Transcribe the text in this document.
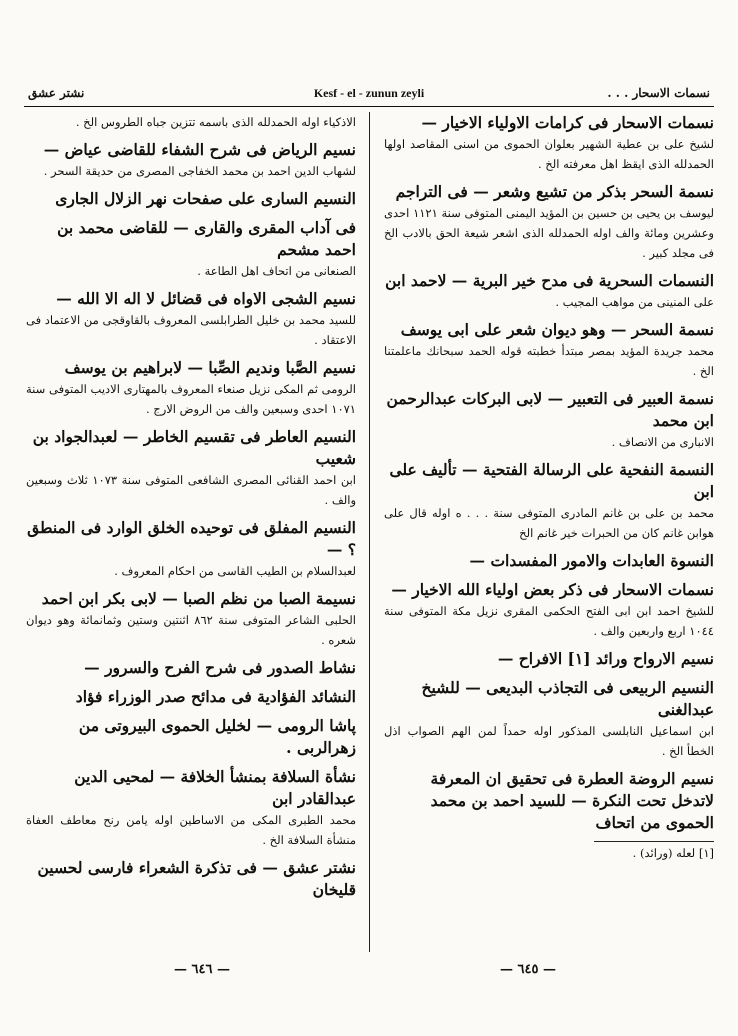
نشتر عشق	Kesf - el - zunun zeyli	نسمات الاسحار . . .

نسمات الاسحار فى كرامات الاولياء الاخيار —

لشيخ على بن عطية الشهير بعلوان الحموى من اسنى المقاصد اولها الحمدلله الذى ايقظ اهل معرفته الخ .

نسمة السحر بذكر من تشيع وشعر — فى التراجم

ليوسف بن يحيى بن حسين بن المؤيد اليمنى المتوفى سنة ١١٢١ احدى وعشرين ومائة والف اوله الحمدلله الذى اشعر شيعة الحق بالادب الخ فى مجلد كبير .

النسمات السحرية فى مدح خير البرية — لاحمد ابن

على المنينى من مواهب المجيب .

نسمة السحر — وهو ديوان شعر على ابى يوسف

محمد جريدة المؤيد بمصر مبتدأ خطبته قوله الحمد سبحانك ماعلمتنا الخ .

نسمة العبير فى التعبير — لابى البركات عبدالرحمن ابن محمد

الانبارى من الانصاف .

النسمة النفحية على الرسالة الفتحية — تأليف على ابن

محمد بن على بن غانم المادرى المتوفى سنة . . . ه اوله قال على هوابن غانم كان من الحبرات خير غانم الخ

النسوة العابدات والامور المفسدات —

نسمات الاسحار فى ذكر بعض اولياء الله الاخيار —

للشيخ احمد ابن ابى الفتح الحكمى المقرى نزيل مكة المتوفى سنة ١٠٤٤ اربع واربعين والف .

نسيم الارواح ورائد [١] الافراح —

النسيم الربيعى فى التجاذب البديعى — للشيخ عبدالغنى

ابن اسماعيل النابلسى المذكور اوله حمداً لمن الهم الصواب اذل الخطأ الخ .

نسيم الروضة العطرة فى تحقيق ان المعرفة لاتدخل تحت النكرة — للسيد احمد بن محمد الحموى من اتحاف

[١] لعله (ورائد) .

الاذكياء اوله الحمدلله الذى باسمه تتزين جباه الطروس الخ .

نسيم الرياض فى شرح الشفاء للقاضى عياض —

لشهاب الدين احمد بن محمد الخفاجى المصرى من حديقة السحر .

النسيم السارى على صفحات نهر الزلال الجارى

فى آداب المقرى والقارى — للقاضى محمد بن احمد مشحم

الصنعانى من اتحاف اهل الطاعة .

نسيم الشجى الاواه فى قضائل لا اله الا الله —

للسيد محمد بن خليل الطرابلسى المعروف بالقاوقجى من الاعتماد فى الاعتقاد .

نسيم الصَّبا ونديم الصِّبا — لابراهيم بن يوسف

الرومى ثم المكى نزيل صنعاء المعروف بالمهتارى الاديب المتوفى سنة ١٠٧١ احدى وسبعين والف من الروض الارج .

النسيم العاطر فى تقسيم الخاطر — لعبدالجواد بن شعيب

ابن احمد القنائى المصرى الشافعى المتوفى سنة ١٠٧٣ ثلاث وسبعين والف .

النسيم المفلق فى توحيده الخلق الوارد فى المنطق ؟ —

لعبدالسلام بن الطيب القاسى من احكام المعروف .

نسيمة الصبا من نظم الصبا — لابى بكر ابن احمد

الحلبى الشاعر المتوفى سنة ٨٦٢ اثنتين وستين وثمانمائة وهو ديوان شعره .

نشاط الصدور فى شرح الفرح والسرور —

النشائد الفؤادية فى مدائح صدر الوزراء فؤاد

پاشا الرومى — لخليل الحموى البيروتى من زهرالربى .

نشأة السلافة بمنشأ الخلافة — لمحيى الدين عبدالقادر ابن

محمد الطبرى المكى من الاساطين اوله يامن رنح معاطف العفاة منشأة السلافة الخ .

نشتر عشق — فى تذكرة الشعراء فارسى لحسين قليخان

— ٦٤٥ —
— ٦٤٦ —
